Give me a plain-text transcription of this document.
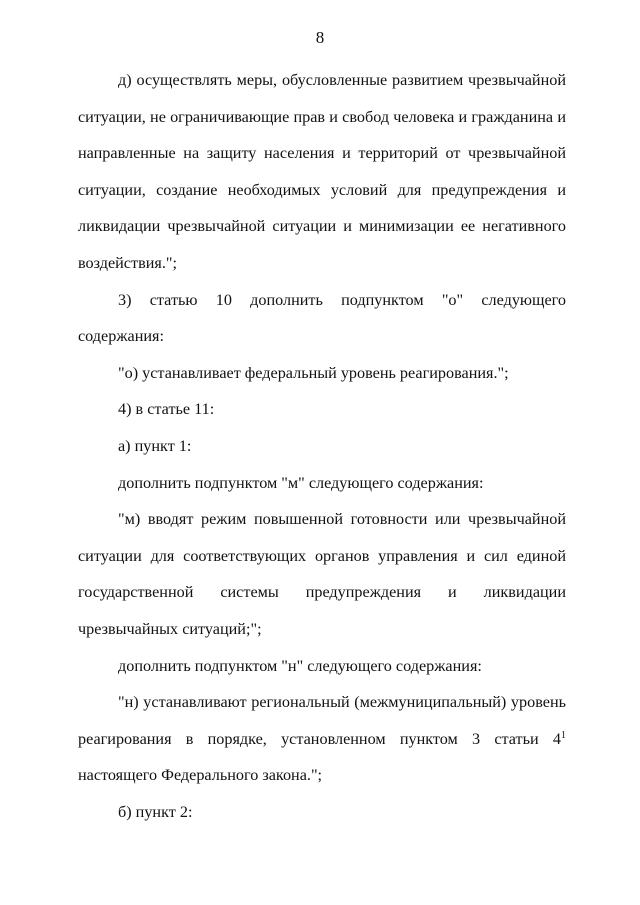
8

д) осуществлять меры, обусловленные развитием чрезвычайной ситуации, не ограничивающие прав и свобод человека и гражданина и направленные на защиту населения и территорий от чрезвычайной ситуации, создание необходимых условий для предупреждения и ликвидации чрезвычайной ситуации и минимизации ее негативного воздействия.";

3) статью 10 дополнить подпунктом "о" следующего содержания:

"о) устанавливает федеральный уровень реагирования.";

4) в статье 11:

а) пункт 1:

дополнить подпунктом "м" следующего содержания:

"м) вводят режим повышенной готовности или чрезвычайной ситуации для соответствующих органов управления и сил единой государственной системы предупреждения и ликвидации чрезвычайных ситуаций;";

дополнить подпунктом "н" следующего содержания:

"н) устанавливают региональный (межмуниципальный) уровень реагирования в порядке, установленном пунктом 3 статьи $4^1$ настоящего Федерального закона.";

б) пункт 2:
